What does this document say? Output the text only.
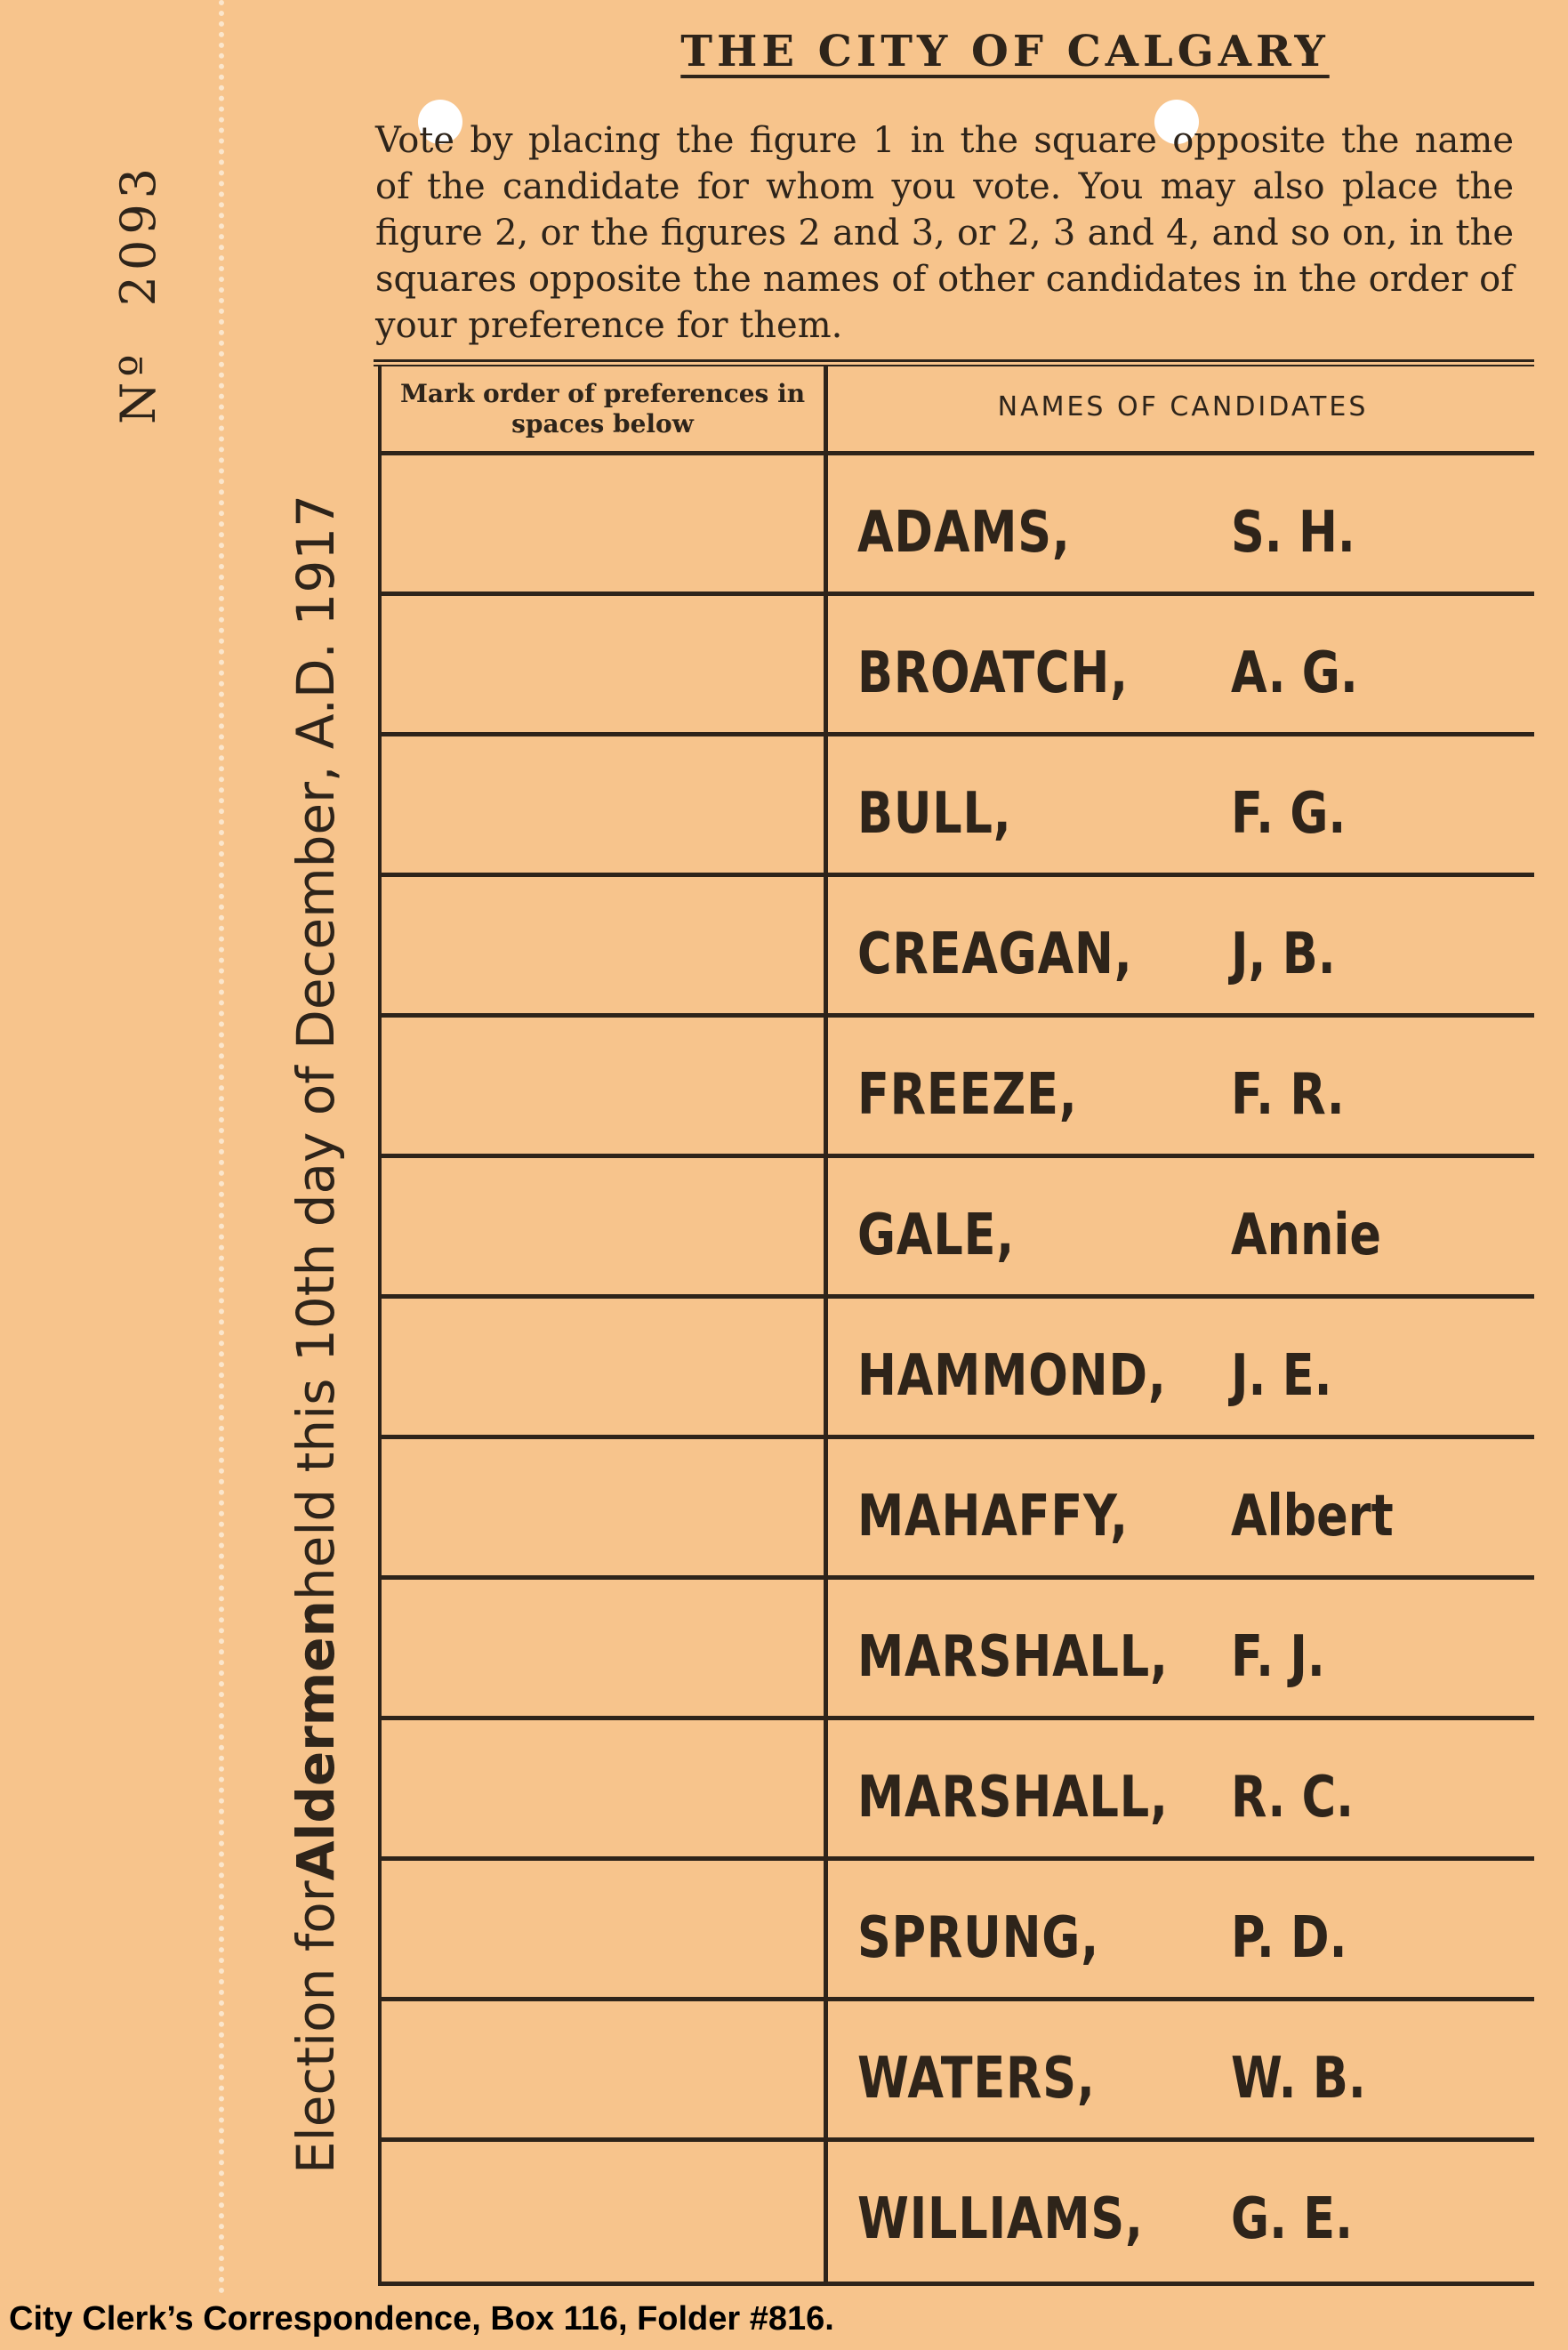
Nº
2093
Election for
Aldermen
held this 10th day of December, A.D. 1917
THE CITY OF CALGARY
Vote by placing the figure 1 in the square opposite the name of the candidate for whom you vote. You may also place the figure 2, or the figures 2 and 3, or 2, 3 and 4, and so on, in the squares opposite the names of other candidates in the order of your preference for them.
Mark order of preferences in spaces below
NAMES OF CANDIDATES
ADAMS,	S. H.
BROATCH, A. G.
BULL,	F. G.
CREAGAN, J, B.
FREEZE,	F. R.
GALE,	Annie
HAMMOND, J. E.
MAHAFFY, Albert
MARSHALL, F. J.
MARSHALL, R. C.
SPRUNG, P. D.
WATERS, W. B.
WILLIAMS, G. E.
City Clerk’s Correspondence, Box 116, Folder #816.
